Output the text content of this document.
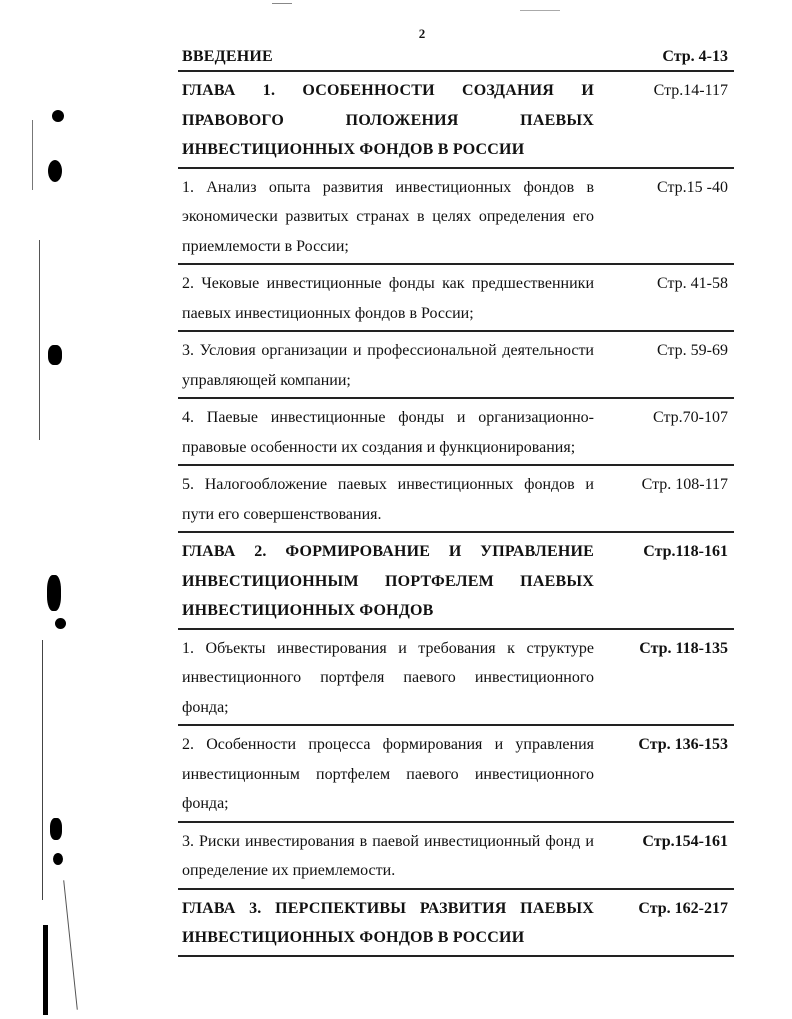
2
ВВЕДЕНИЕ	Стр. 4-13
ГЛАВА 1. ОСОБЕННОСТИ СОЗДАНИЯ И ПРАВОВОГО ПОЛОЖЕНИЯ ПАЕВЫХ ИНВЕСТИЦИОННЫХ ФОНДОВ В РОССИИ
Стр.14-117
1. Анализ опыта развития инвестиционных фондов в экономически развитых странах в целях определения его приемлемости в России;
Стр.15 -40
2. Чековые инвестиционные фонды как предшественники паевых инвестиционных фондов в России;
Стр. 41-58
3. Условия организации и профессиональной деятельности управляющей компании;
Стр. 59-69
4. Паевые инвестиционные фонды и организационно-правовые особенности их создания и функционирования;
Стр.70-107
5. Налогообложение паевых инвестиционных фондов и пути его совершенствования.
Стр. 108-117
ГЛАВА 2. ФОРМИРОВАНИЕ И УПРАВЛЕНИЕ ИНВЕСТИЦИОННЫМ ПОРТФЕЛЕМ ПАЕВЫХ ИНВЕСТИЦИОННЫХ ФОНДОВ
Стр.118-161
1. Объекты инвестирования и требования к структуре инвестиционного портфеля паевого инвестиционного фонда;
Стр. 118-135
2. Особенности процесса формирования и управления инвестиционным портфелем паевого инвестиционного фонда;
Стр. 136-153
3. Риски инвестирования в паевой инвестиционный фонд и определение их приемлемости.
Стр.154-161
ГЛАВА 3. ПЕРСПЕКТИВЫ РАЗВИТИЯ ПАЕВЫХ ИНВЕСТИЦИОННЫХ ФОНДОВ В РОССИИ
Стр. 162-217
